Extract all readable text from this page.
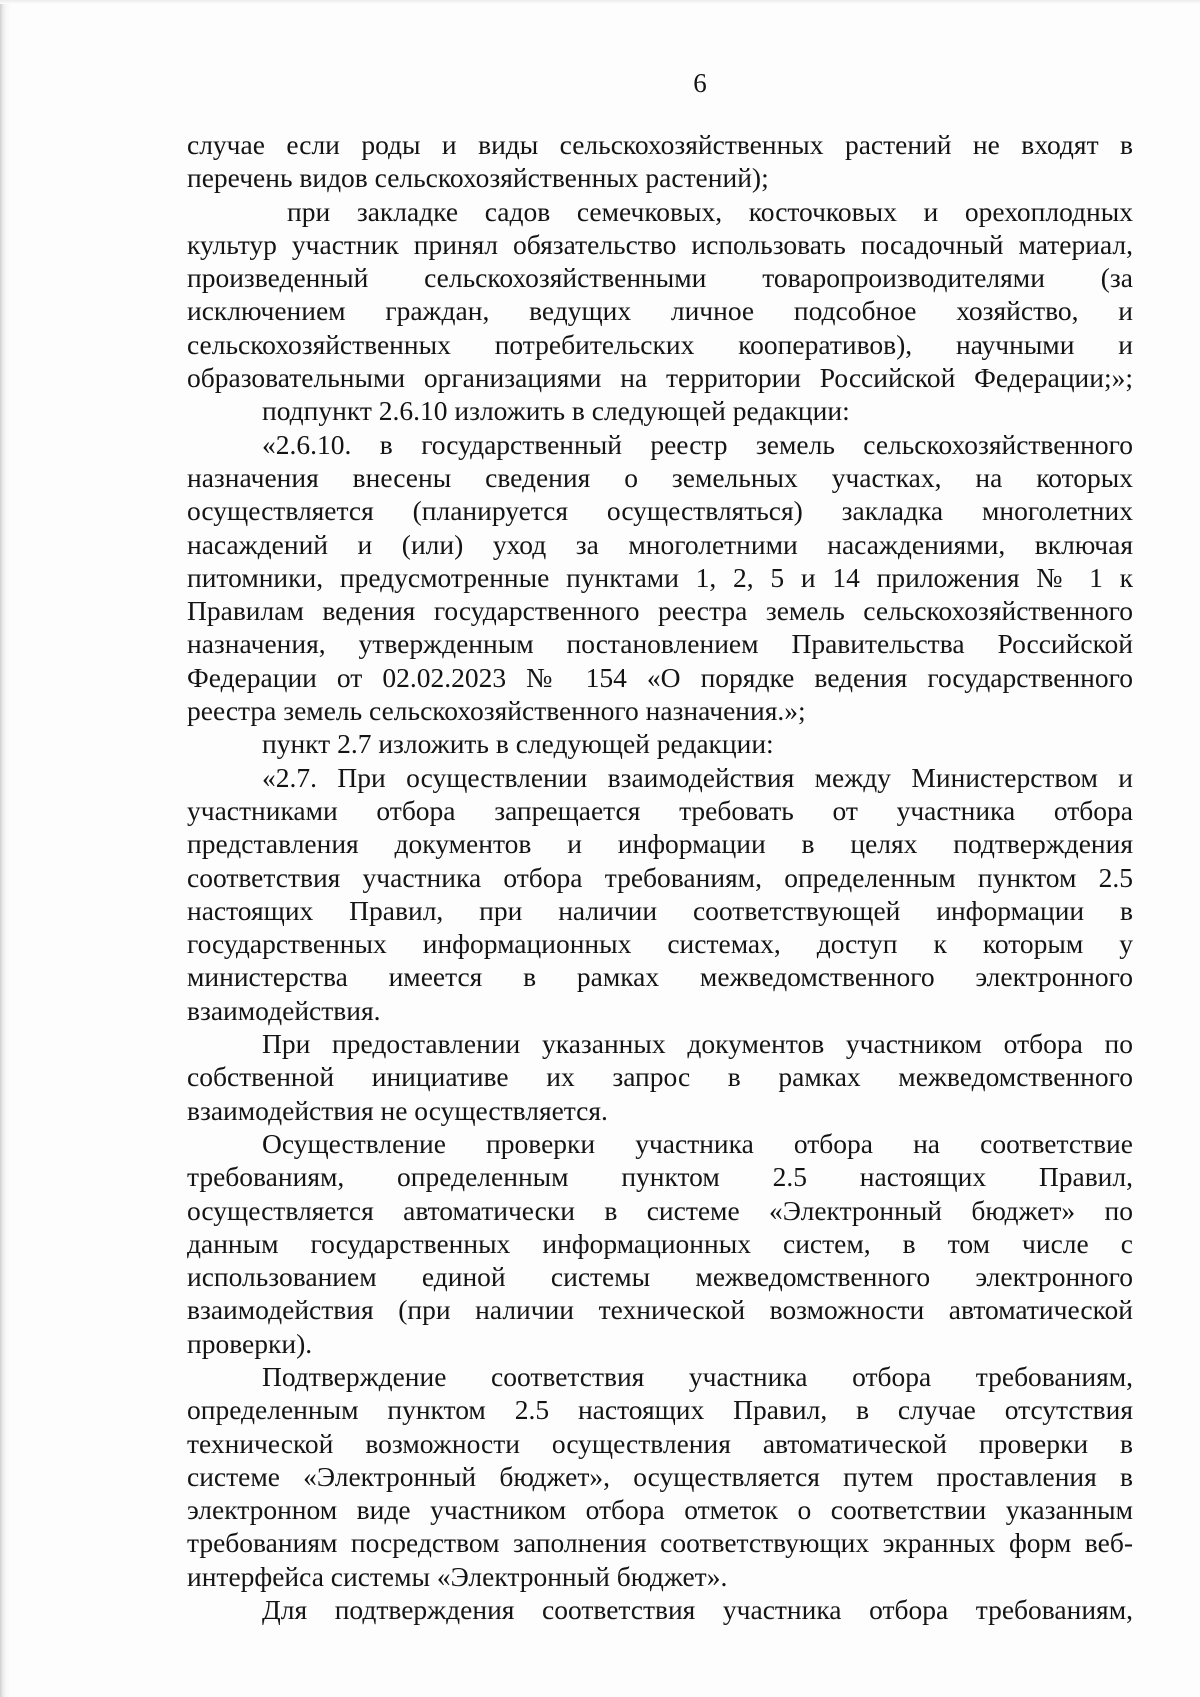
6
случае если роды и виды сельскохозяйственных растений не входят в
перечень видов сельскохозяйственных растений);
при закладке садов семечковых, косточковых и орехоплодных
культур участник принял обязательство использовать посадочный материал,
произведенный сельскохозяйственными товаропроизводителями (за
исключением граждан, ведущих личное подсобное хозяйство, и
сельскохозяйственных потребительских кооперативов), научными и
образовательными организациями на территории Российской Федерации;»;
подпункт 2.6.10 изложить в следующей редакции:
«2.6.10. в государственный реестр земель сельскохозяйственного
назначения внесены сведения о земельных участках, на которых
осуществляется (планируется осуществляться) закладка многолетних
насаждений и (или) уход за многолетними насаждениями, включая
питомники, предусмотренные пунктами 1, 2, 5 и 14 приложения № 1 к
Правилам ведения государственного реестра земель сельскохозяйственного
назначения, утвержденным постановлением Правительства Российской
Федерации от 02.02.2023 № 154 «О порядке ведения государственного
реестра земель сельскохозяйственного назначения.»;
пункт 2.7 изложить в следующей редакции:
«2.7. При осуществлении взаимодействия между Министерством и
участниками отбора запрещается требовать от участника отбора
представления документов и информации в целях подтверждения
соответствия участника отбора требованиям, определенным пунктом 2.5
настоящих Правил, при наличии соответствующей информации в
государственных информационных системах, доступ к которым у
министерства имеется в рамках межведомственного электронного
взаимодействия.
При предоставлении указанных документов участником отбора по
собственной инициативе их запрос в рамках межведомственного
взаимодействия не осуществляется.
Осуществление проверки участника отбора на соответствие
требованиям, определенным пунктом 2.5 настоящих Правил,
осуществляется автоматически в системе «Электронный бюджет» по
данным государственных информационных систем, в том числе с
использованием единой системы межведомственного электронного
взаимодействия (при наличии технической возможности автоматической
проверки).
Подтверждение соответствия участника отбора требованиям,
определенным пунктом 2.5 настоящих Правил, в случае отсутствия
технической возможности осуществления автоматической проверки в
системе «Электронный бюджет», осуществляется путем проставления в
электронном виде участником отбора отметок о соответствии указанным
требованиям посредством заполнения соответствующих экранных форм веб-
интерфейса системы «Электронный бюджет».
Для подтверждения соответствия участника отбора требованиям,
